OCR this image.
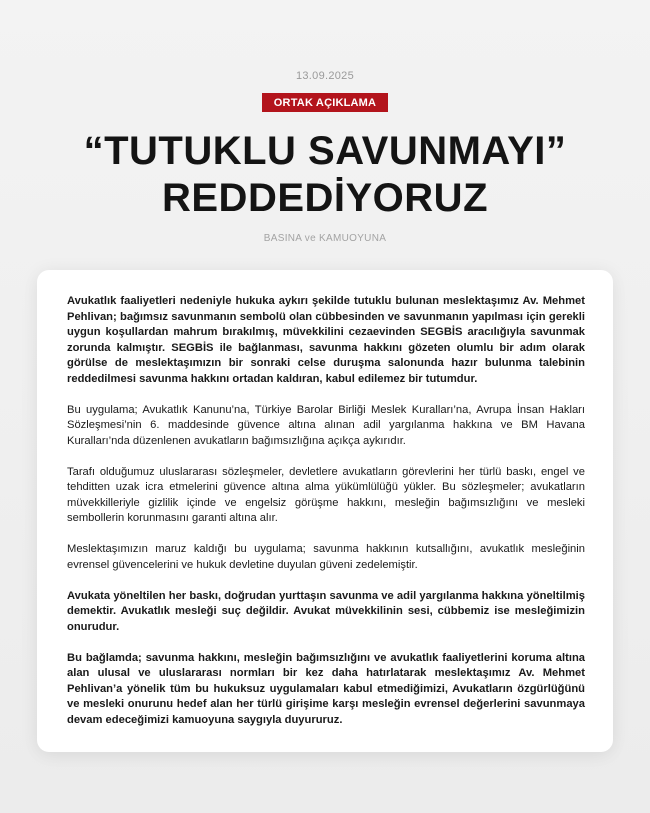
13.09.2025
ORTAK AÇIKLAMA
“TUTUKLU SAVUNMAYI”
REDDEDİYORUZ
BASINA ve KAMUOYUNA

Avukatlık faaliyetleri nedeniyle hukuka aykırı şekilde tutuklu bulunan meslektaşımız Av. Mehmet Pehlivan; bağımsız savunmanın sembolü olan cübbesinden ve savunmanın yapılması için gerekli uygun koşullardan mahrum bırakılmış, müvekkilini cezaevinden SEGBİS aracılığıyla savunmak zorunda kalmıştır. SEGBİS ile bağlanması, savunma hakkını gözeten olumlu bir adım olarak görülse de meslektaşımızın bir sonraki celse duruşma salonunda hazır bulunma talebinin reddedilmesi savunma hakkını ortadan kaldıran, kabul edilemez bir tutumdur.

Bu uygulama; Avukatlık Kanunu’na, Türkiye Barolar Birliği Meslek Kuralları’na, Avrupa İnsan Hakları Sözleşmesi’nin 6. maddesinde güvence altına alınan adil yargılanma hakkına ve BM Havana Kuralları’nda düzenlenen avukatların bağımsızlığına açıkça aykırıdır.

Tarafı olduğumuz uluslararası sözleşmeler, devletlere avukatların görevlerini her türlü baskı, engel ve tehditten uzak icra etmelerini güvence altına alma yükümlülüğü yükler. Bu sözleşmeler; avukatların müvekkilleriyle gizlilik içinde ve engelsiz görüşme hakkını, mesleğin bağımsızlığını ve mesleki sembollerin korunmasını garanti altına alır.

Meslektaşımızın maruz kaldığı bu uygulama; savunma hakkının kutsallığını, avukatlık mesleğinin evrensel güvencelerini ve hukuk devletine duyulan güveni zedelemiştir.

Avukata yöneltilen her baskı, doğrudan yurttaşın savunma ve adil yargılanma hakkına yöneltilmiş demektir. Avukatlık mesleği suç değildir. Avukat müvekkilinin sesi, cübbemiz ise mesleğimizin onurudur.

Bu bağlamda; savunma hakkını, mesleğin bağımsızlığını ve avukatlık faaliyetlerini koruma altına alan ulusal ve uluslararası normları bir kez daha hatırlatarak meslektaşımız Av. Mehmet Pehlivan’a yönelik tüm bu hukuksuz uygulamaları kabul etmediğimizi, Avukatların özgürlüğünü ve mesleki onurunu hedef alan her türlü girişime karşı mesleğin evrensel değerlerini savunmaya devam edeceğimizi kamuoyuna saygıyla duyururuz.
